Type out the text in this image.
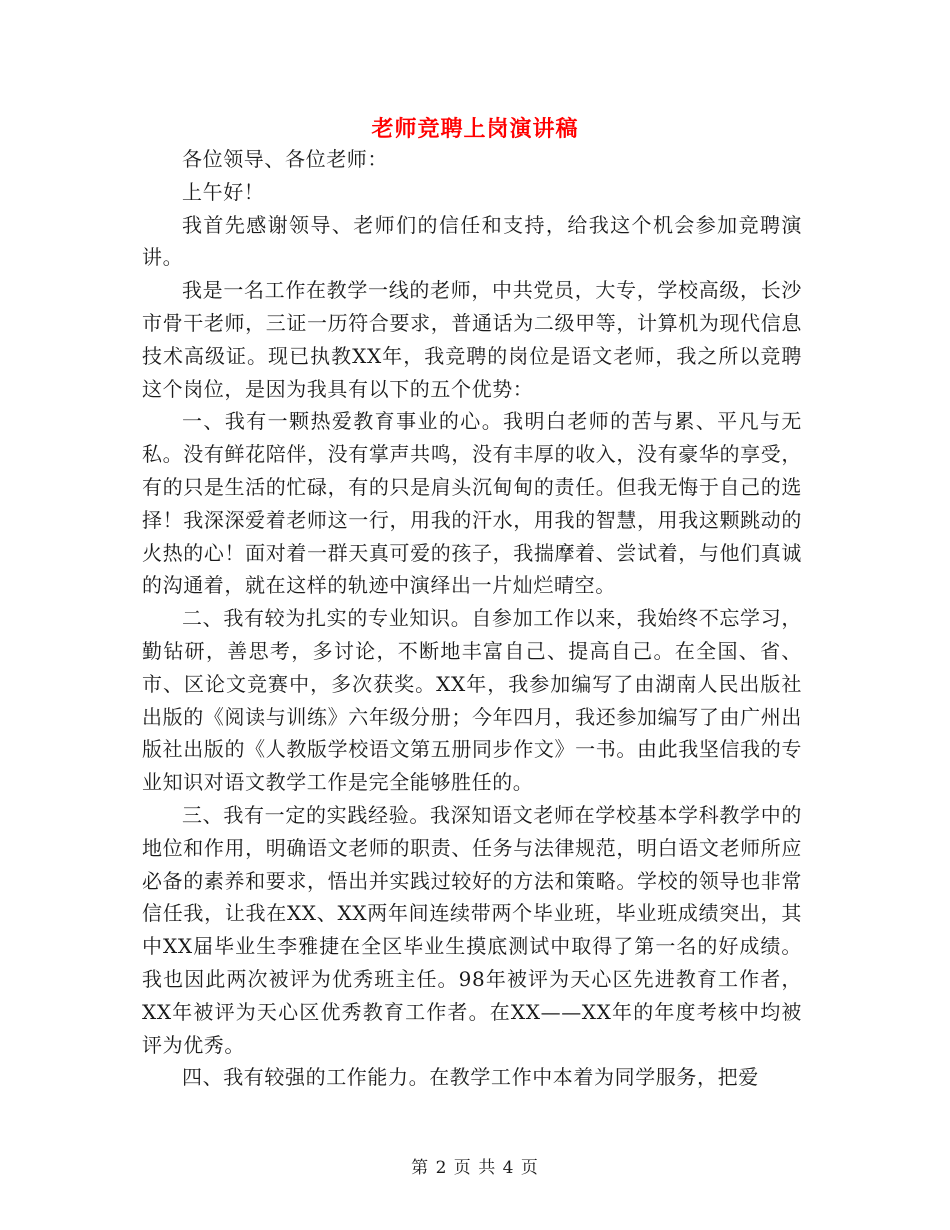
老师竞聘上岗演讲稿

各位领导、各位老师：

上午好！

我首先感谢领导、老师们的信任和支持，给我这个机会参加竞聘演讲。

我是一名工作在教学一线的老师，中共党员，大专，学校高级，长沙市骨干老师，三证一历符合要求，普通话为二级甲等，计算机为现代信息技术高级证。现已执教XX年，我竞聘的岗位是语文老师，我之所以竞聘这个岗位，是因为我具有以下的五个优势：

一、我有一颗热爱教育事业的心。我明白老师的苦与累、平凡与无私。没有鲜花陪伴，没有掌声共鸣，没有丰厚的收入，没有豪华的享受，有的只是生活的忙碌，有的只是肩头沉甸甸的责任。但我无悔于自己的选择！我深深爱着老师这一行，用我的汗水，用我的智慧，用我这颗跳动的火热的心！面对着一群天真可爱的孩子，我揣摩着、尝试着，与他们真诚的沟通着，就在这样的轨迹中演绎出一片灿烂晴空。

二、我有较为扎实的专业知识。自参加工作以来，我始终不忘学习，勤钻研，善思考，多讨论，不断地丰富自己、提高自己。在全国、省、市、区论文竞赛中，多次获奖。XX年，我参加编写了由湖南人民出版社出版的《阅读与训练》六年级分册；今年四月，我还参加编写了由广州出版社出版的《人教版学校语文第五册同步作文》一书。由此我坚信我的专业知识对语文教学工作是完全能够胜任的。

三、我有一定的实践经验。我深知语文老师在学校基本学科教学中的地位和作用，明确语文老师的职责、任务与法律规范，明白语文老师所应必备的素养和要求，悟出并实践过较好的方法和策略。学校的领导也非常信任我，让我在XX、XX两年间连续带两个毕业班，毕业班成绩突出，其中XX届毕业生李雅捷在全区毕业生摸底测试中取得了第一名的好成绩。我也因此两次被评为优秀班主任。98年被评为天心区先进教育工作者，XX年被评为天心区优秀教育工作者。在XX——XX年的年度考核中均被评为优秀。

四、我有较强的工作能力。在教学工作中本着为同学服务，把爱

第 2 页 共 4 页
